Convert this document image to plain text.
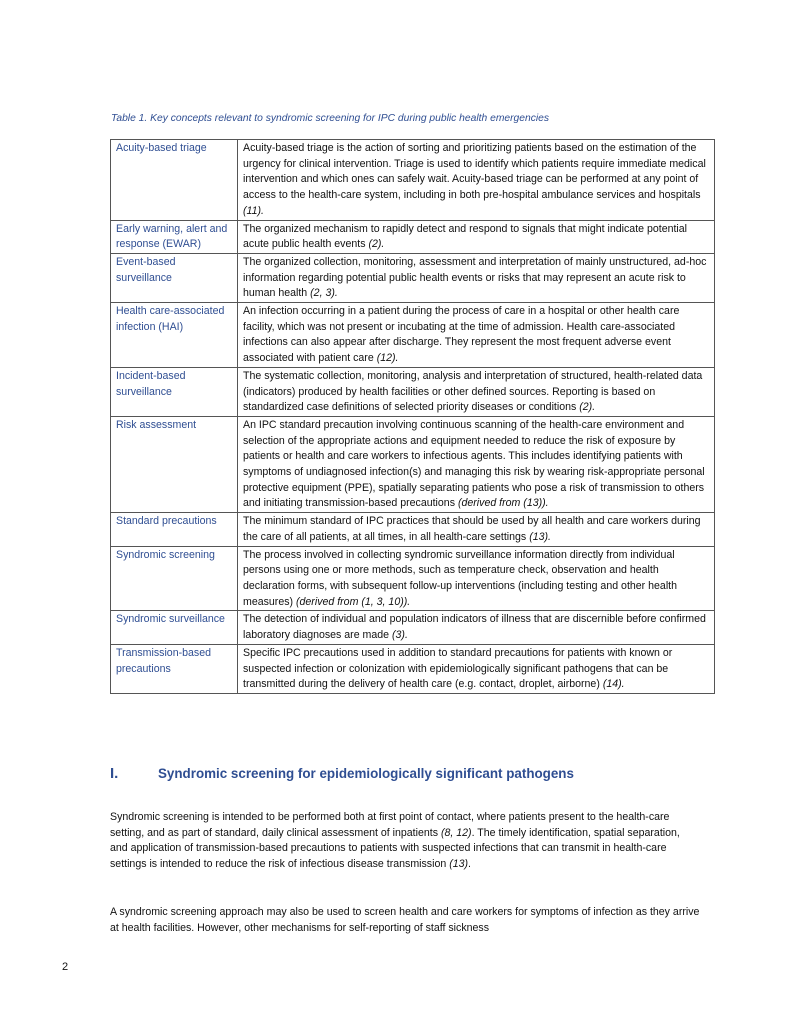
Table 1. Key concepts relevant to syndromic screening for IPC during public health emergencies
Acuity-based triage	Acuity-based triage is the action of sorting and prioritizing patients based on the estimation of the urgency for clinical intervention. Triage is used to identify which patients require immediate medical intervention and which ones can safely wait. Acuity-based triage can be performed at any point of access to the health-care system, including in both pre-hospital ambulance services and hospitals (11).
Early warning, alert and response (EWAR)	The organized mechanism to rapidly detect and respond to signals that might indicate potential acute public health events (2).
Event-based surveillance	The organized collection, monitoring, assessment and interpretation of mainly unstructured, ad-hoc information regarding potential public health events or risks that may represent an acute risk to human health (2, 3).
Health care-associated infection (HAI)	An infection occurring in a patient during the process of care in a hospital or other health care facility, which was not present or incubating at the time of admission. Health care-associated infections can also appear after discharge. They represent the most frequent adverse event associated with patient care (12).
Incident-based surveillance	The systematic collection, monitoring, analysis and interpretation of structured, health-related data (indicators) produced by health facilities or other defined sources. Reporting is based on standardized case definitions of selected priority diseases or conditions (2).
Risk assessment	An IPC standard precaution involving continuous scanning of the health-care environment and selection of the appropriate actions and equipment needed to reduce the risk of exposure by patients or health and care workers to infectious agents. This includes identifying patients with symptoms of undiagnosed infection(s) and managing this risk by wearing risk-appropriate personal protective equipment (PPE), spatially separating patients who pose a risk of transmission to others and initiating transmission-based precautions (derived from (13)).
Standard precautions	The minimum standard of IPC practices that should be used by all health and care workers during the care of all patients, at all times, in all health-care settings (13).
Syndromic screening	The process involved in collecting syndromic surveillance information directly from individual persons using one or more methods, such as temperature check, observation and health declaration forms, with subsequent follow-up interventions (including testing and other health measures) (derived from (1, 3, 10)).
Syndromic surveillance	The detection of individual and population indicators of illness that are discernible before confirmed laboratory diagnoses are made (3).
Transmission-based precautions	Specific IPC precautions used in addition to standard precautions for patients with known or suspected infection or colonization with epidemiologically significant pathogens that can be transmitted during the delivery of health care (e.g. contact, droplet, airborne) (14).
I.	Syndromic screening for epidemiologically significant pathogens
Syndromic screening is intended to be performed both at first point of contact, where patients present to the health-care setting, and as part of standard, daily clinical assessment of inpatients (8, 12). The timely identification, spatial separation, and application of transmission-based precautions to patients with suspected infections that can transmit in health-care settings is intended to reduce the risk of infectious disease transmission (13).
A syndromic screening approach may also be used to screen health and care workers for symptoms of infection as they arrive at health facilities. However, other mechanisms for self-reporting of staff sickness
2
